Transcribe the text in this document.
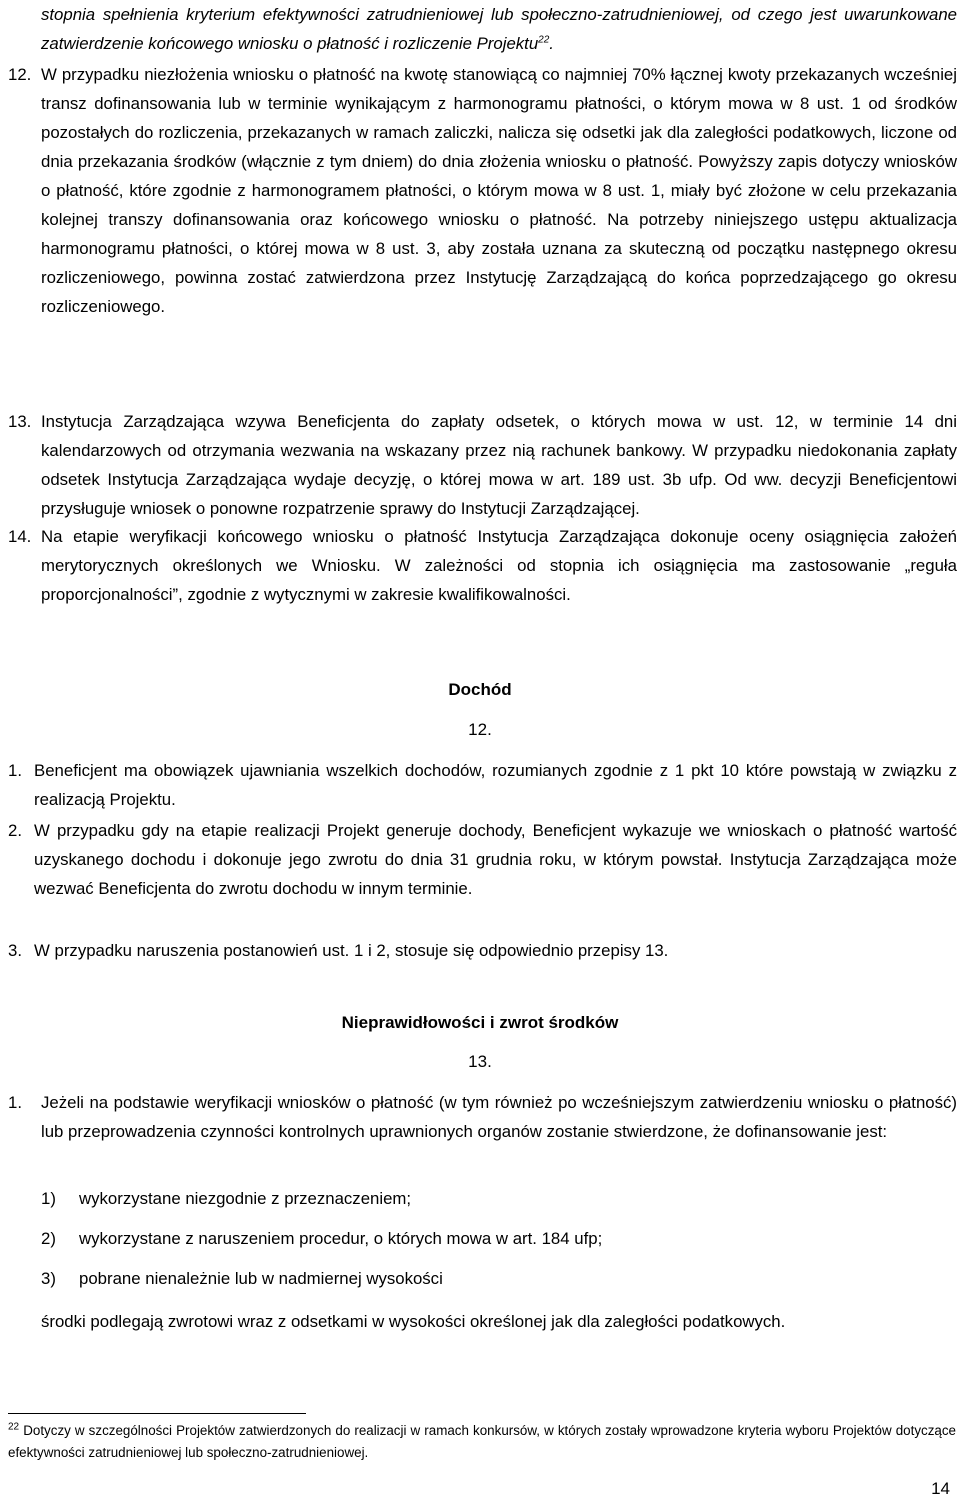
stopnia spełnienia kryterium efektywności zatrudnieniowej lub społeczno-zatrudnieniowej, od czego jest uwarunkowane zatwierdzenie końcowego wniosku o płatność i rozliczenie Projektu$^{22}$.

12. W przypadku niezłożenia wniosku o płatność na kwotę stanowiącą co najmniej 70% łącznej kwoty przekazanych wcześniej transz dofinansowania lub w terminie wynikającym z harmonogramu płatności, o którym mowa w 8 ust. 1 od środków pozostałych do rozliczenia, przekazanych w ramach zaliczki, nalicza się odsetki jak dla zaległości podatkowych, liczone od dnia przekazania środków (włącznie z tym dniem) do dnia złożenia wniosku o płatność. Powyższy zapis dotyczy wniosków o płatność, które zgodnie z harmonogramem płatności, o którym mowa w 8 ust. 1, miały być złożone w celu przekazania kolejnej transzy dofinansowania oraz końcowego wniosku o płatność. Na potrzeby niniejszego ustępu aktualizacja harmonogramu płatności, o której mowa w 8 ust. 3, aby została uznana za skuteczną od początku następnego okresu rozliczeniowego, powinna zostać zatwierdzona przez Instytucję Zarządzającą do końca poprzedzającego go okresu rozliczeniowego.

13. Instytucja Zarządzająca wzywa Beneficjenta do zapłaty odsetek, o których mowa w ust. 12, w terminie 14 dni kalendarzowych od otrzymania wezwania na wskazany przez nią rachunek bankowy. W przypadku niedokonania zapłaty odsetek Instytucja Zarządzająca wydaje decyzję, o której mowa w art. 189 ust. 3b ufp. Od ww. decyzji Beneficjentowi przysługuje wniosek o ponowne rozpatrzenie sprawy do Instytucji Zarządzającej.

14. Na etapie weryfikacji końcowego wniosku o płatność Instytucja Zarządzająca dokonuje oceny osiągnięcia założeń merytorycznych określonych we Wniosku. W zależności od stopnia ich osiągnięcia ma zastosowanie „reguła proporcjonalności”, zgodnie z wytycznymi w zakresie kwalifikowalności.

Dochód
12.
1. Beneficjent ma obowiązek ujawniania wszelkich dochodów, rozumianych zgodnie z 1 pkt 10 które powstają w związku z realizacją Projektu.

2. W przypadku gdy na etapie realizacji Projekt generuje dochody, Beneficjent wykazuje we wnioskach o płatność wartość uzyskanego dochodu i dokonuje jego zwrotu do dnia 31 grudnia roku, w którym powstał. Instytucja Zarządzająca może wezwać Beneficjenta do zwrotu dochodu w innym terminie.

3. W przypadku naruszenia postanowień ust. 1 i 2, stosuje się odpowiednio przepisy 13.

Nieprawidłowości i zwrot środków
13.
1. Jeżeli na podstawie weryfikacji wniosków o płatność (w tym również po wcześniejszym zatwierdzeniu wniosku o płatność) lub przeprowadzenia czynności kontrolnych uprawnionych organów zostanie stwierdzone, że dofinansowanie jest:

1) wykorzystane niezgodnie z przeznaczeniem;
2) wykorzystane z naruszeniem procedur, o których mowa w art. 184 ufp;
3) pobrane nienależnie lub w nadmiernej wysokości

środki podlegają zwrotowi wraz z odsetkami w wysokości określonej jak dla zaległości podatkowych.

$^{22}$ Dotyczy w szczególności Projektów zatwierdzonych do realizacji w ramach konkursów, w których zostały wprowadzone kryteria wyboru Projektów dotyczące efektywności zatrudnieniowej lub społeczno-zatrudnieniowej.
14
